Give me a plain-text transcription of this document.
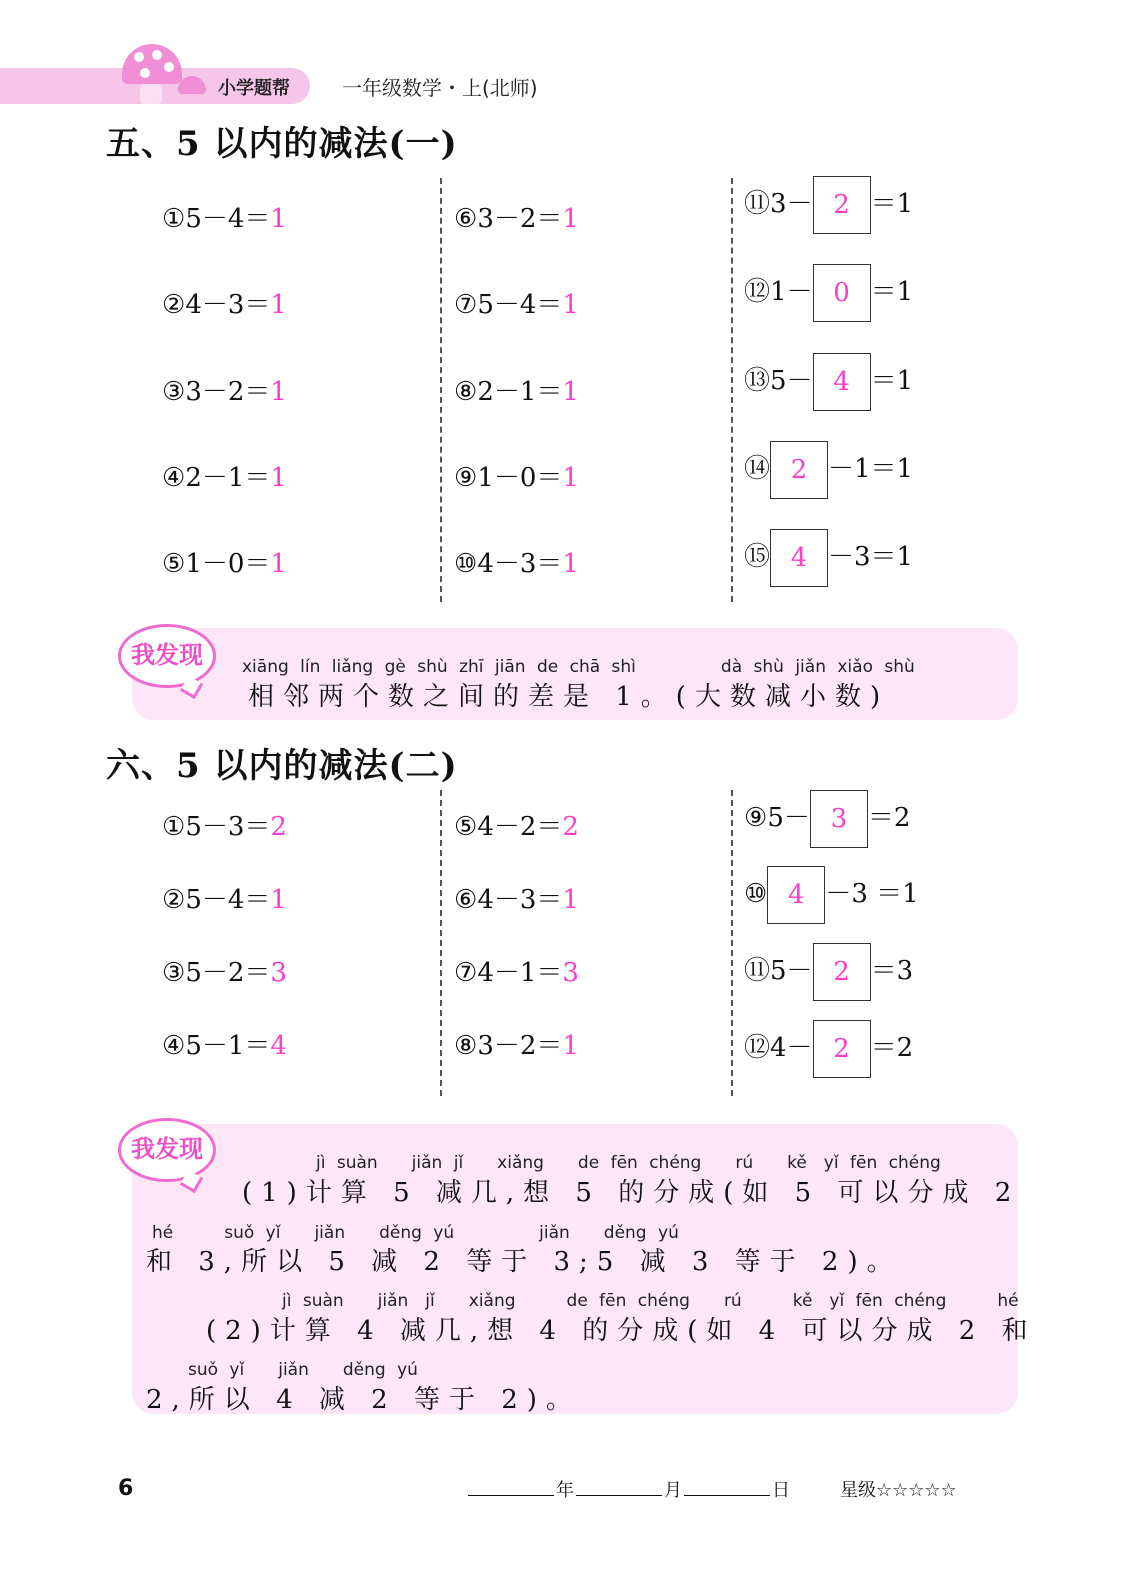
小学题帮	一年级数学・上(北师)
五、5 以内的减法(一)
①5－4＝1
②4－3＝1
③3－2＝1
④2－1＝1
⑤1－0＝1
⑥3－2＝1
⑦5－4＝1
⑧2－1＝1
⑨1－0＝1
⑩4－3＝1
⑪3－ 2 ＝1
⑫1－ 0 ＝1
⑬5－ 4 ＝1
⑭ 2 －1＝1
⑮ 4 －3＝1
我发现	xiāng lín liǎng gè shù zhī jiān de chā shì　　　　　dà shù jiǎn xiǎo shù
相邻两个数之间的差是 1。(大数减小数)
六、5 以内的减法(二)
①5－3＝2
②5－4＝1
③5－2＝3
④5－1＝4
⑤4－2＝2
⑥4－3＝1
⑦4－1＝3
⑧3－2＝1
⑨5－ 3 ＝2
⑩ 4 －3 ＝1
⑪5－ 2 ＝3
⑫4－ 2 ＝2
我发现	jì suàn　　jiǎn jǐ　　xiǎng　　de fēn chéng　　rú　　kě　yǐ fēn chéng
(1)计算 5 减几,想 5 的分成(如 5 可以分成 2
hé　　　suǒ yǐ　　jiǎn　　děng yú　　　　　jiǎn　　děng yú
和 3,所以 5 减 2 等于 3;5 减 3 等于 2)。
jì suàn　　jiǎn　jǐ　　xiǎng　　　de fēn chéng　　rú　　　kě　yǐ fēn chéng　　　hé
(2)计算 4 减几,想 4 的分成(如 4 可以分成 2 和
suǒ yǐ　　jiǎn　　děng yú
2,所以 4 减 2 等于 2)。
6	年	月	日	星级☆☆☆☆☆
